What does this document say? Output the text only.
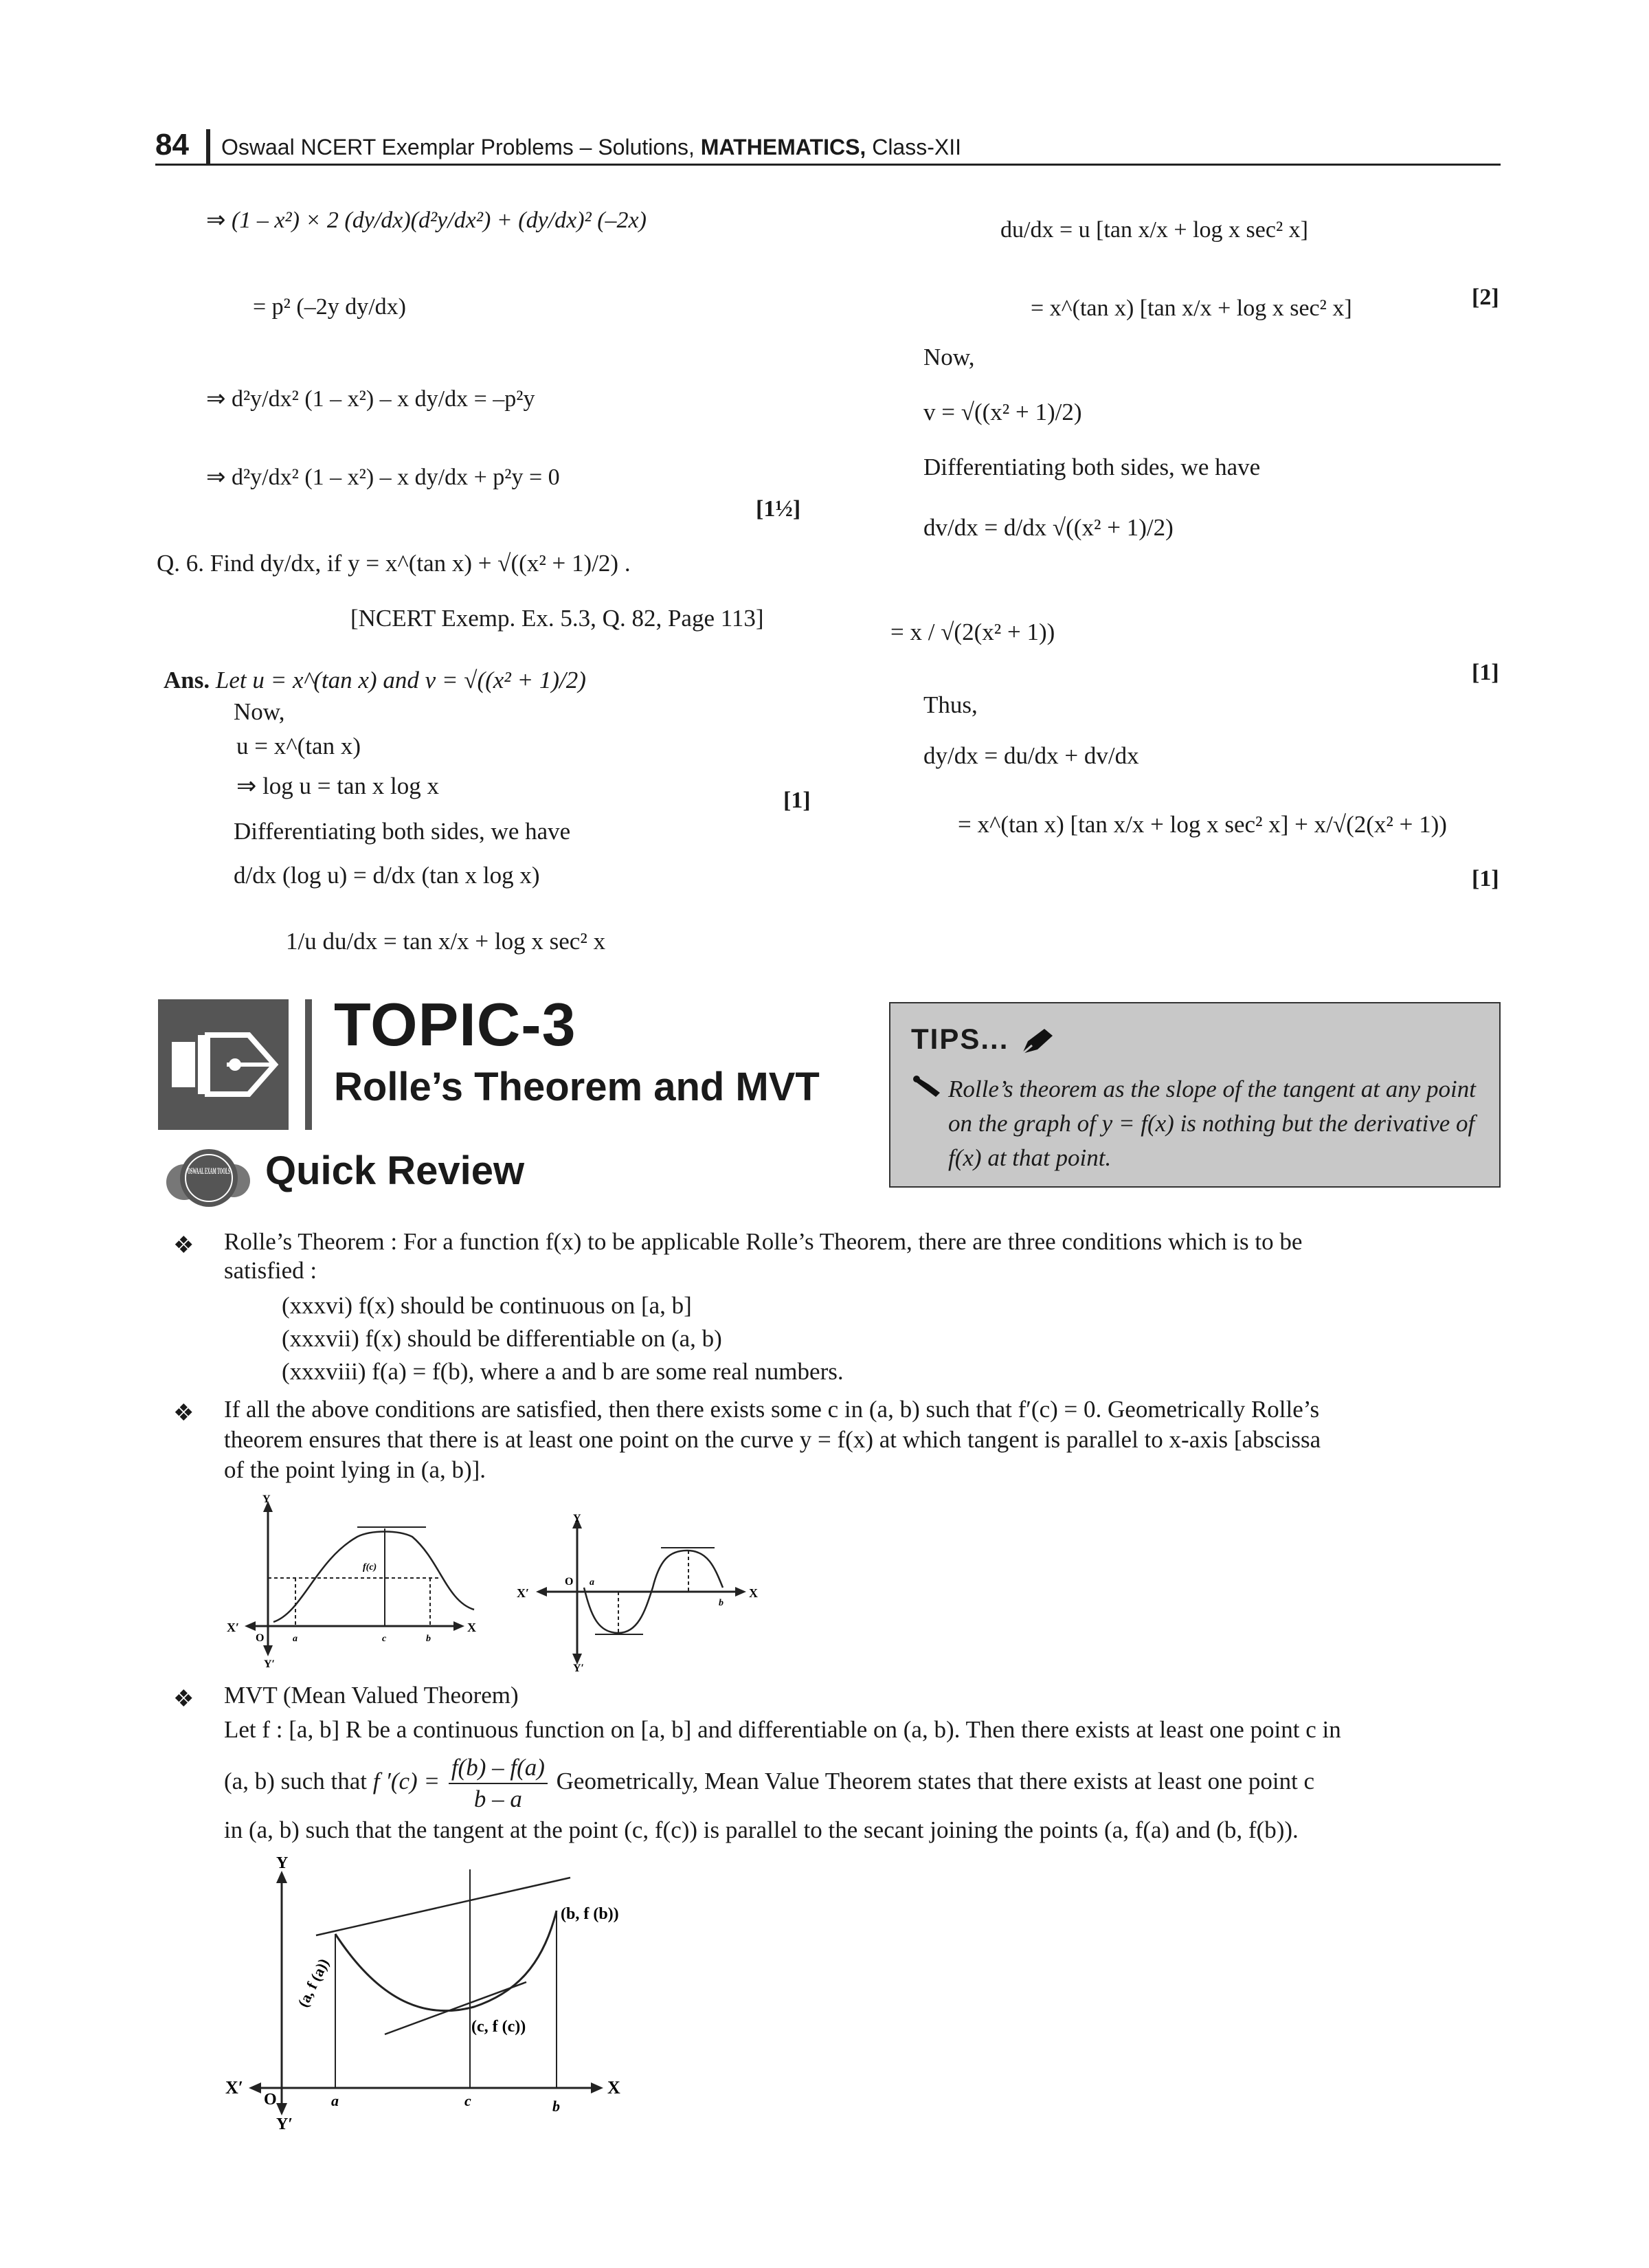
84 Oswaal NCERT Exemplar Problems – Solutions, MATHEMATICS, Class-XII
⇒ (1 – x²) × 2 (dy/dx)(d²y/dx²) + (dy/dx)² (–2x)
= p² (–2y dy/dx)
⇒ d²y/dx² (1 – x²) – x dy/dx = –p²y
⇒ d²y/dx² (1 – x²) – x dy/dx + p²y = 0
[1½]
Q. 6. Find dy/dx, if y = x^(tan x) + √((x² + 1)/2) .
[NCERT Exemp. Ex. 5.3, Q. 82, Page 113]
Ans. Let u = x^(tan x) and v = √((x² + 1)/2)
Now,
u = x^(tan x)
⇒ log u = tan x log x
[1]
Differentiating both sides, we have
d/dx (log u) = d/dx (tan x log x)
1/u du/dx = tan x/x + log x sec² x
du/dx = u [tan x/x + log x sec² x]
= x^(tan x) [tan x/x + log x sec² x]	[2]
Now,
v = √((x² + 1)/2)
Differentiating both sides, we have
dv/dx = d/dx √((x² + 1)/2)
= x / √(2(x² + 1))
[1]
Thus,
dy/dx = du/dx + dv/dx
= x^(tan x) [tan x/x + log x sec² x] + x/√(2(x² + 1))
[1]
TOPIC-3
Rolle’s Theorem and MVT
TIPS...
Rolle’s theorem as the slope of the tangent at any point on the graph of y = f(x) is nothing but the derivative of f(x) at that point.
OSWAAL EXAM TOOLS Quick Review
❖ Rolle’s Theorem : For a function f(x) to be applicable Rolle’s Theorem, there are three conditions which is to be
satisfied :
(xxxvi) f(x) should be continuous on [a, b]
(xxxvii) f(x) should be differentiable on (a, b)
(xxxviii) f(a) = f(b), where a and b are some real numbers.
❖ If all the above conditions are satisfied, then there exists some c in (a, b) such that f′(c) = 0. Geometrically Rolle’s
theorem ensures that there is at least one point on the curve y = f(x) at which tangent is parallel to x-axis [abscissa
of the point lying in (a, b)].
Y
X
X′
Y′
O	a	c	b
f(c)
Y
X
X′
Y′
O a
b
❖ MVT (Mean Valued Theorem)
Let f : [a, b] R be a continuous function on [a, b] and differentiable on (a, b). Then there exists at least one point c in
(a, b) such that f $'(c) = \frac{f(b) - f(a)}{b - a}$ Geometrically, Mean Value Theorem states that there exists at least one point c
in (a, b) such that the tangent at the point (c, f(c)) is parallel to the secant joining the points (a, f(a) and (b, f(b)).
Y
X
X′
Y′
O	a	c	b
(b, f (b))
(c, f (c))
(a, f (a))
